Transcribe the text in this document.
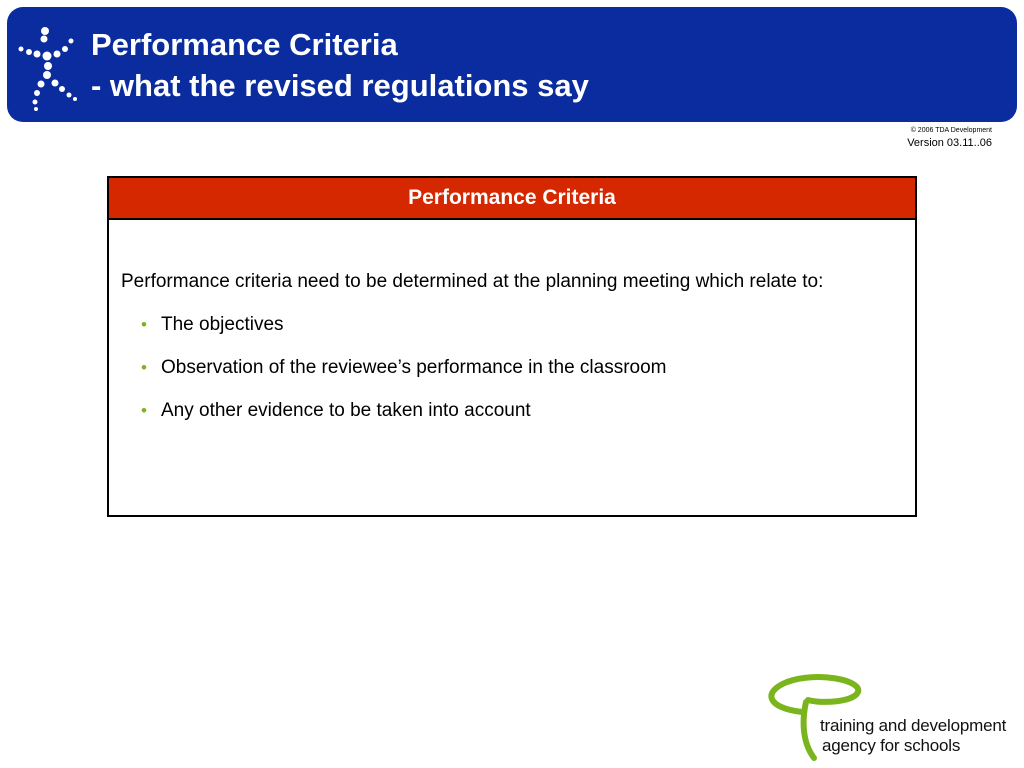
Performance Criteria
- what the revised regulations say
© 2006 TDA Development
Version 03.11..06
Performance Criteria

Performance criteria need to be determined at the planning meeting which relate to:

• The objectives
• Observation of the reviewee’s performance in the classroom
• Any other evidence to be taken into account
training and development
agency for schools
